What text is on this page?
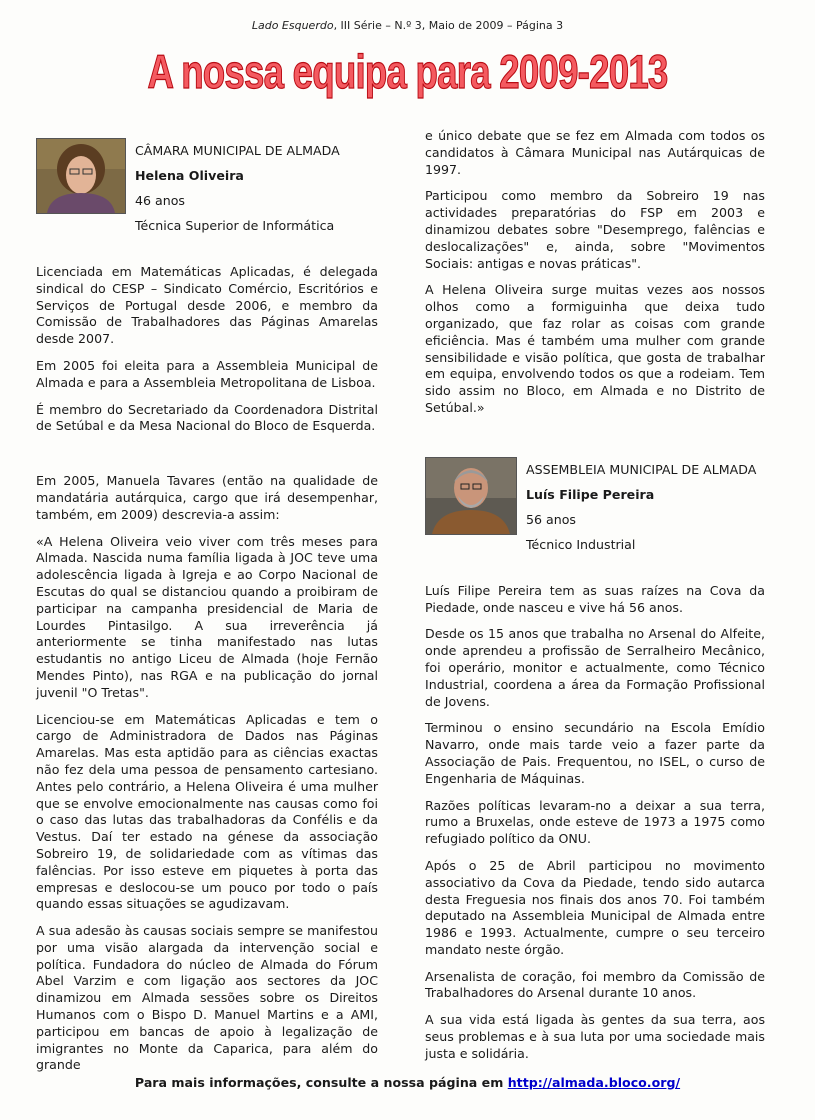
Lado Esquerdo, III Série – N.º 3, Maio de 2009 – Página 3
A nossa equipa para 2009-2013
CÂMARA MUNICIPAL DE ALMADA
Helena Oliveira
46 anos
Técnica Superior de Informática

Licenciada em Matemáticas Aplicadas, é delegada sindical do CESP – Sindicato Comércio, Escritórios e Serviços de Portugal desde 2006, e membro da Comissão de Trabalhadores das Páginas Amarelas desde 2007.

Em 2005 foi eleita para a Assembleia Municipal de Almada e para a Assembleia Metropolitana de Lisboa.

É membro do Secretariado da Coordenadora Distrital de Setúbal e da Mesa Nacional do Bloco de Esquerda.

Em 2005, Manuela Tavares (então na qualidade de mandatária autárquica, cargo que irá desempenhar, também, em 2009) descrevia-a assim:

«A Helena Oliveira veio viver com três meses para Almada. Nascida numa família ligada à JOC teve uma adolescência ligada à Igreja e ao Corpo Nacional de Escutas do qual se distanciou quando a proibiram de participar na campanha presidencial de Maria de Lourdes Pintasilgo. A sua irreverência já anteriormente se tinha manifestado nas lutas estudantis no antigo Liceu de Almada (hoje Fernão Mendes Pinto), nas RGA e na publicação do jornal juvenil "O Tretas".

Licenciou-se em Matemáticas Aplicadas e tem o cargo de Administradora de Dados nas Páginas Amarelas. Mas esta aptidão para as ciências exactas não fez dela uma pessoa de pensamento cartesiano. Antes pelo contrário, a Helena Oliveira é uma mulher que se envolve emocionalmente nas causas como foi o caso das lutas das trabalhadoras da Confélis e da Vestus. Daí ter estado na génese da associação Sobreiro 19, de solidariedade com as vítimas das falências. Por isso esteve em piquetes à porta das empresas e deslocou-se um pouco por todo o país quando essas situações se agudizavam.

A sua adesão às causas sociais sempre se manifestou por uma visão alargada da intervenção social e política. Fundadora do núcleo de Almada do Fórum Abel Varzim e com ligação aos sectores da JOC dinamizou em Almada sessões sobre os Direitos Humanos com o Bispo D. Manuel Martins e a AMI, participou em bancas de apoio à legalização de imigrantes no Monte da Caparica, para além do grande

e único debate que se fez em Almada com todos os candidatos à Câmara Municipal nas Autárquicas de 1997.

Participou como membro da Sobreiro 19 nas actividades preparatórias do FSP em 2003 e dinamizou debates sobre "Desemprego, falências e deslocalizações" e, ainda, sobre "Movimentos Sociais: antigas e novas práticas".

A Helena Oliveira surge muitas vezes aos nossos olhos como a formiguinha que deixa tudo organizado, que faz rolar as coisas com grande eficiência. Mas é também uma mulher com grande sensibilidade e visão política, que gosta de trabalhar em equipa, envolvendo todos os que a rodeiam. Tem sido assim no Bloco, em Almada e no Distrito de Setúbal.»

ASSEMBLEIA MUNICIPAL DE ALMADA
Luís Filipe Pereira
56 anos
Técnico Industrial

Luís Filipe Pereira tem as suas raízes na Cova da Piedade, onde nasceu e vive há 56 anos.

Desde os 15 anos que trabalha no Arsenal do Alfeite, onde aprendeu a profissão de Serralheiro Mecânico, foi operário, monitor e actualmente, como Técnico Industrial, coordena a área da Formação Profissional de Jovens.

Terminou o ensino secundário na Escola Emídio Navarro, onde mais tarde veio a fazer parte da Associação de Pais. Frequentou, no ISEL, o curso de Engenharia de Máquinas.

Razões políticas levaram-no a deixar a sua terra, rumo a Bruxelas, onde esteve de 1973 a 1975 como refugiado político da ONU.

Após o 25 de Abril participou no movimento associativo da Cova da Piedade, tendo sido autarca desta Freguesia nos finais dos anos 70. Foi também deputado na Assembleia Municipal de Almada entre 1986 e 1993. Actualmente, cumpre o seu terceiro mandato neste órgão.

Arsenalista de coração, foi membro da Comissão de Trabalhadores do Arsenal durante 10 anos.

A sua vida está ligada às gentes da sua terra, aos seus problemas e à sua luta por uma sociedade mais justa e solidária.

Para mais informações, consulte a nossa página em http://almada.bloco.org/
